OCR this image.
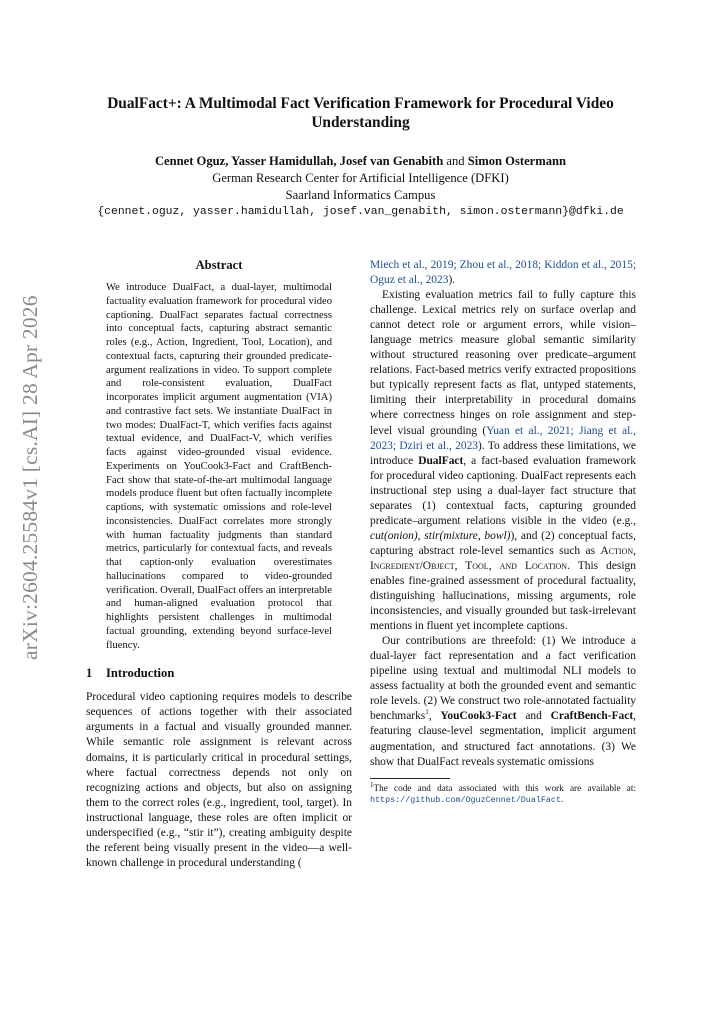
arXiv:2604.25584v1 [cs.AI] 28 Apr 2026
DualFact+: A Multimodal Fact Verification Framework for Procedural Video Understanding
Cennet Oguz, Yasser Hamidullah, Josef van Genabith and Simon Ostermann
German Research Center for Artificial Intelligence (DFKI)
Saarland Informatics Campus
{cennet.oguz, yasser.hamidullah, josef.van_genabith, simon.ostermann}@dfki.de
Abstract
We introduce DualFact, a dual-layer, multimodal factuality evaluation framework for procedural video captioning. DualFact separates factual correctness into conceptual facts, capturing abstract semantic roles (e.g., Action, Ingredient, Tool, Location), and contextual facts, capturing their grounded predicate-argument realizations in video. To support complete and role-consistent evaluation, DualFact incorporates implicit argument augmentation (VIA) and contrastive fact sets. We instantiate DualFact in two modes: DualFact-T, which verifies facts against textual evidence, and DualFact-V, which verifies facts against video-grounded visual evidence. Experiments on YouCook3-Fact and CraftBench-Fact show that state-of-the-art multimodal language models produce fluent but often factually incomplete captions, with systematic omissions and role-level inconsistencies. DualFact correlates more strongly with human factuality judgments than standard metrics, particularly for contextual facts, and reveals that caption-only evaluation overestimates hallucinations compared to video-grounded verification. Overall, DualFact offers an interpretable and human-aligned evaluation protocol that highlights persistent challenges in multimodal factual grounding, extending beyond surface-level fluency.
1 Introduction

Procedural video captioning requires models to describe sequences of actions together with their associated arguments in a factual and visually grounded manner. While semantic role assignment is relevant across domains, it is particularly critical in procedural settings, where factual correctness depends not only on recognizing actions and objects, but also on assigning them to the correct roles (e.g., ingredient, tool, target). In instructional language, these roles are often implicit or underspecified (e.g., “stir it”), creating ambiguity despite the referent being visually present in the video—a well-known challenge in procedural understanding (

Miech et al., 2019; Zhou et al., 2018; Kiddon et al., 2015; Oguz et al., 2023).

Existing evaluation metrics fail to fully capture this challenge. Lexical metrics rely on surface overlap and cannot detect role or argument errors, while vision–language metrics measure global semantic similarity without structured reasoning over predicate–argument relations. Fact-based metrics verify extracted propositions but typically represent facts as flat, untyped statements, limiting their interpretability in procedural domains where correctness hinges on role assignment and step-level visual grounding (Yuan et al., 2021; Jiang et al., 2023; Dziri et al., 2023). To address these limitations, we introduce DualFact, a fact-based evaluation framework for procedural video captioning. DualFact represents each instructional step using a dual-layer fact structure that separates (1) contextual facts, capturing grounded predicate–argument relations visible in the video (e.g., cut(onion), stir(mixture, bowl)), and (2) conceptual facts, capturing abstract role-level semantics such as Action, Ingredient/Object, Tool, and Location. This design enables fine-grained assessment of procedural factuality, distinguishing hallucinations, missing arguments, role inconsistencies, and visually grounded but task-irrelevant mentions in fluent yet incomplete captions.

Our contributions are threefold: (1) We introduce a dual-layer fact representation and a fact verification pipeline using textual and multimodal NLI models to assess factuality at both the grounded event and semantic role levels. (2) We construct two role-annotated factuality benchmarks$^1$, YouCook3-Fact and CraftBench-Fact, featuring clause-level segmentation, implicit argument augmentation, and structured fact annotations. (3) We show that DualFact reveals systematic omissions

$^1$The code and data associated with this work are available at: https://github.com/OguzCennet/DualFact.
